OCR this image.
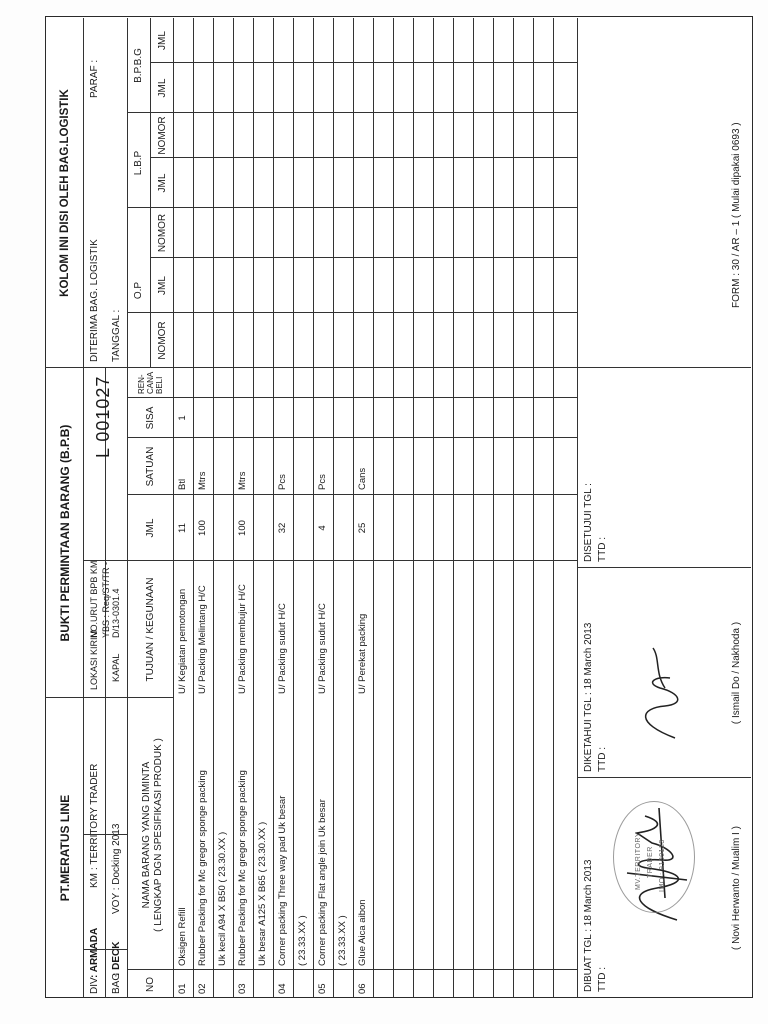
PT.MERATUS LINE
BUKTI PERMINTAAN BARANG (B.P.B)
KOLOM INI DISI OLEH BAG.LOGISTIK
DIV
: ARMADA
KM
: TERRITORY TRADER
BAG
: DECK
VOY : Docking 2013
LOKASI KIRIM KAPAL
NO.URUT BPB KM YBS : Req/ST/TR - D/13-0301.4
L 001027
DITERIMA BAG. LOGISTIK
PARAF :
TANGGAL :
NO
NAMA BARANG YANG DIMINTA ( LENGKAP DGN SPESIFIKASI PRODUK )
TUJUAN / KEGUNAAN
JML
SATUAN
SISA
REN- CANA BELI
O.P
L.B.P
B.P.B.G
NOMOR
JML
NOMOR
JML
NOMOR
JML
JML
01
Oksigen Refill
U/ Kegiatan pemotongan
11
Btl
1
02
Rubber Packing for Mc gregor sponge packing
U/ Packing Melintang H/C
100
Mtrs
Uk kecil A94 X B50 ( 23.30.XX )
03
Rubber Packing for Mc gregor sponge packing
U/ Packing membujur H/C
100
Mtrs
Uk besar A125 X B65 ( 23.30.XX )
04
Corner packing Three way pad Uk besar
U/ Packing sudut H/C
32
Pcs
( 23.33.XX )
05
Corner packing Flat angle join Uk besar
U/ Packing sudut H/C
4
Pcs
( 23.33.XX )
06
Glue Aica aibon
U/ Perekat packing
25
Cans
DIBUAT TGL : 18 March 2013
DIKETAHUI TGL : 18 March 2013
DISETUJUI TGL :
TTD :
TTD :
TTD :
MV.TERRITORY TRADER IMO : 9130123	( Novi Herwanto / Mualim I )
( Ismail Do / Nakhoda )
FORM : 30 / AR – 1 ( Mulai dipakai 0693 )
